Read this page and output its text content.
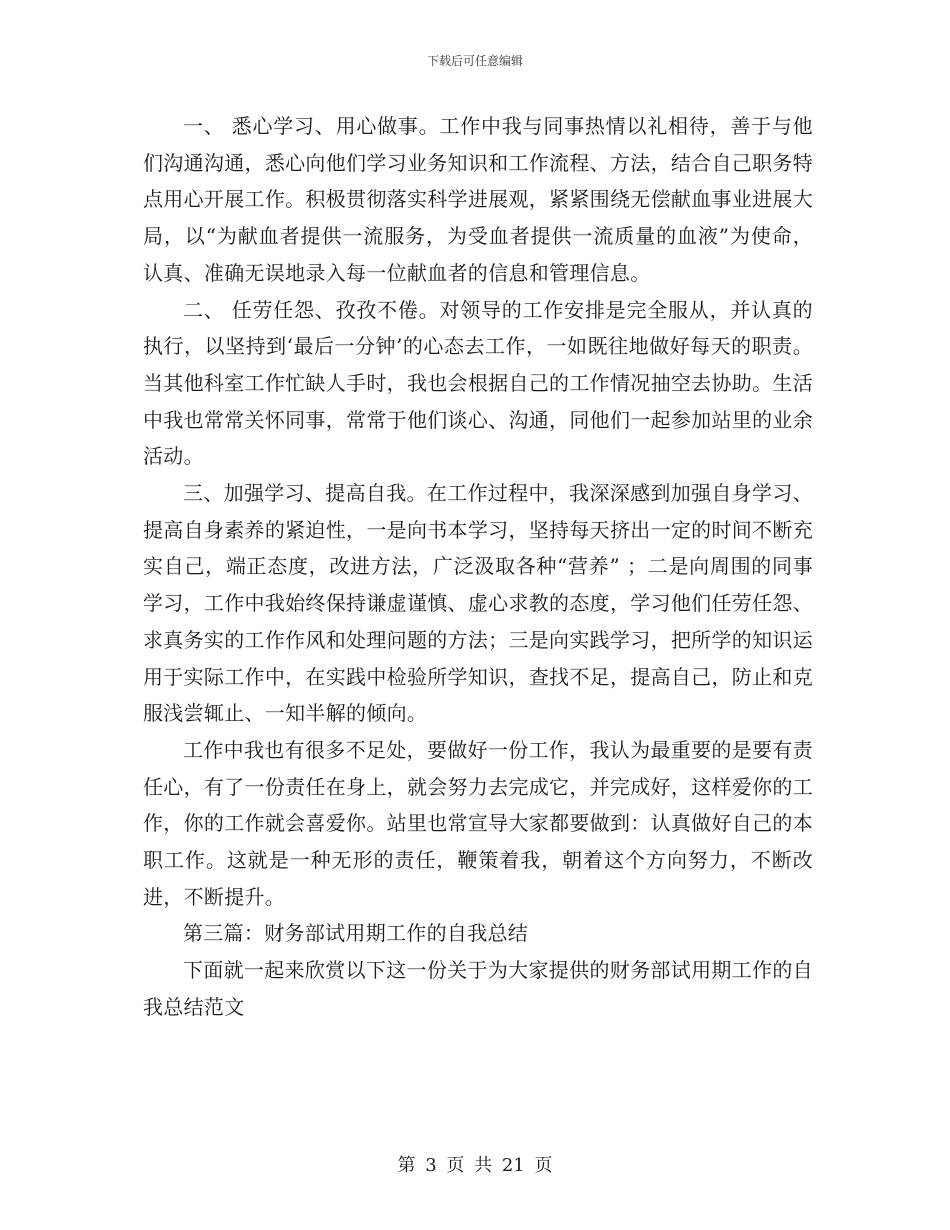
下载后可任意编辑

一、 悉心学习、用心做事。工作中我与同事热情以礼相待，善于与他们沟通沟通，悉心向他们学习业务知识和工作流程、方法，结合自己职务特点用心开展工作。积极贯彻落实科学进展观，紧紧围绕无偿献血事业进展大局，以“为献血者提供一流服务，为受血者提供一流质量的血液”为使命，认真、准确无误地录入每一位献血者的信息和管理信息。

二、 任劳任怨、孜孜不倦。对领导的工作安排是完全服从，并认真的执行，以坚持到‘最后一分钟’的心态去工作，一如既往地做好每天的职责。当其他科室工作忙缺人手时，我也会根据自己的工作情况抽空去协助。生活中我也常常关怀同事，常常于他们谈心、沟通，同他们一起参加站里的业余活动。

三、加强学习、提高自我。在工作过程中，我深深感到加强自身学习、提高自身素养的紧迫性，一是向书本学习，坚持每天挤出一定的时间不断充实自己，端正态度，改进方法，广泛汲取各种“营养” ；二是向周围的同事学习，工作中我始终保持谦虚谨慎、虚心求教的态度，学习他们任劳任怨、求真务实的工作作风和处理问题的方法；三是向实践学习，把所学的知识运用于实际工作中，在实践中检验所学知识，查找不足，提高自己，防止和克服浅尝辄止、一知半解的倾向。

工作中我也有很多不足处，要做好一份工作，我认为最重要的是要有责任心，有了一份责任在身上，就会努力去完成它，并完成好，这样爱你的工作，你的工作就会喜爱你。站里也常宣导大家都要做到：认真做好自己的本职工作。这就是一种无形的责任，鞭策着我，朝着这个方向努力，不断改进，不断提升。

第三篇：财务部试用期工作的自我总结

下面就一起来欣赏以下这一份关于为大家提供的财务部试用期工作的自我总结范文

第 3 页 共 21 页
